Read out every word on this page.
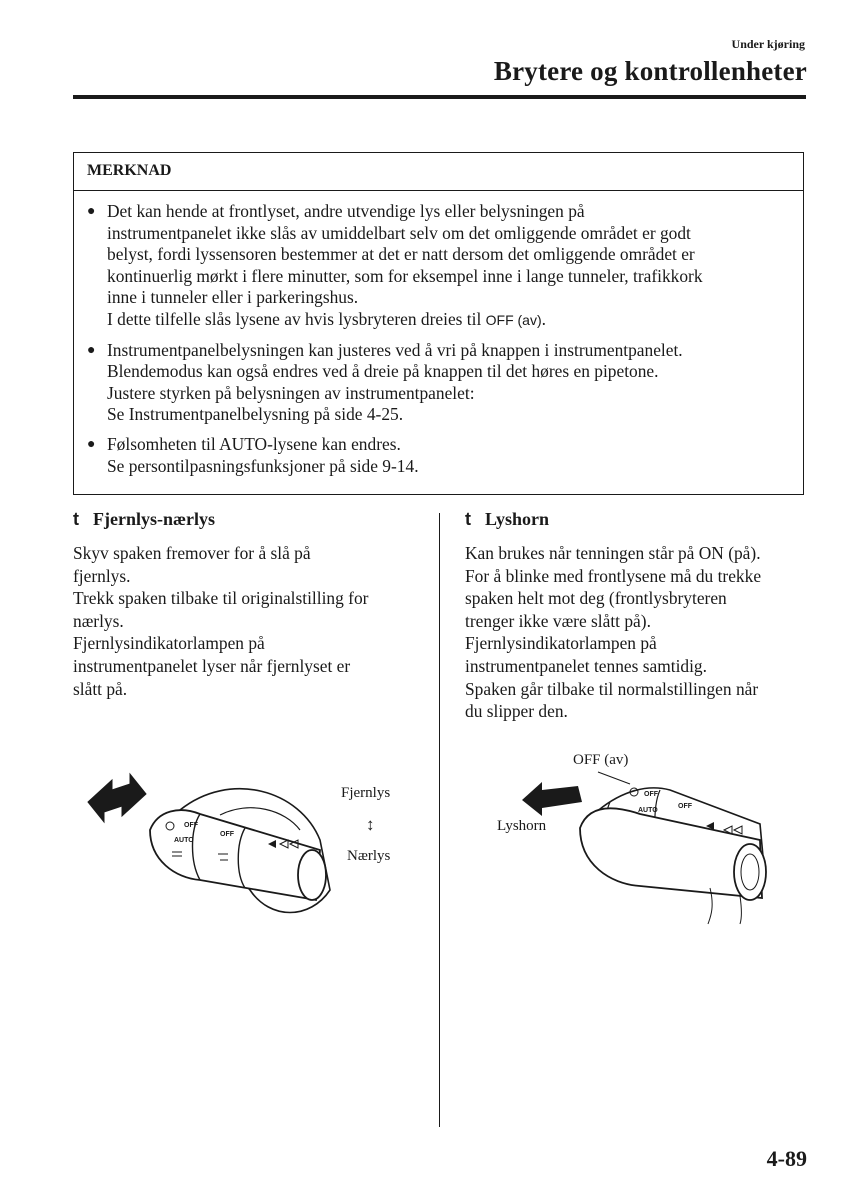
Under kjøring
Brytere og kontrollenheter
MERKNAD
● Det kan hende at frontlyset, andre utvendige lys eller belysningen på
instrumentpanelet ikke slås av umiddelbart selv om det omliggende området er godt
belyst, fordi lyssensoren bestemmer at det er natt dersom det omliggende området er
kontinuerlig mørkt i flere minutter, som for eksempel inne i lange tunneler, trafikkork
inne i tunneler eller i parkeringshus.
I dette tilfelle slås lysene av hvis lysbryteren dreies til OFF (av).
● Instrumentpanelbelysningen kan justeres ved å vri på knappen i instrumentpanelet.
Blendemodus kan også endres ved å dreie på knappen til det høres en pipetone.
Justere styrken på belysningen av instrumentpanelet:
Se Instrumentpanelbelysning på side 4-25.
● Følsomheten til AUTO-lysene kan endres.
Se persontilpasningsfunksjoner på side 9-14.
t Fjernlys-nærlys
Skyv spaken fremover for å slå på
fjernlys.
Trekk spaken tilbake til originalstilling for
nærlys.
Fjernlysindikatorlampen på
instrumentpanelet lyser når fjernlyset er
slått på.
OFF
AUTO
OFF
Fjernlys
↕
Nærlys
t Lyshorn
Kan brukes når tenningen står på ON (på).
For å blinke med frontlysene må du trekke
spaken helt mot deg (frontlysbryteren
trenger ikke være slått på).
Fjernlysindikatorlampen på
instrumentpanelet tennes samtidig.
Spaken går tilbake til normalstillingen når
du slipper den.
OFF (av)
Lyshorn
OFF
AUTO
OFF
4-89
